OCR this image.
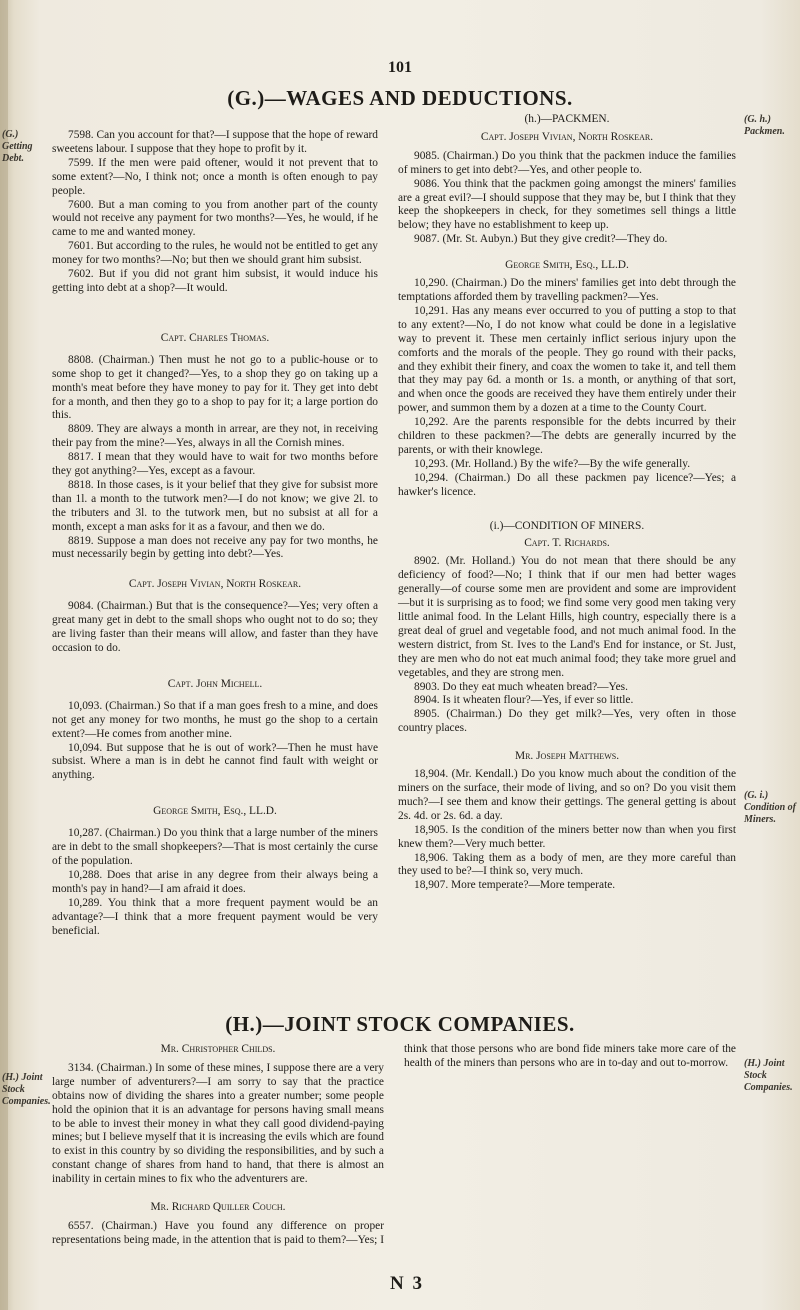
101
(G.)—WAGES AND DEDUCTIONS.
(G.) Getting Debt.

7598. Can you account for that?—I suppose that the hope of reward sweetens labour. I suppose that they hope to profit by it.

7599. If the men were paid oftener, would it not prevent that to some extent?—No, I think not; once a month is often enough to pay people.

7600. But a man coming to you from another part of the county would not receive any payment for two months?—Yes, he would, if he came to me and wanted money.

7601. But according to the rules, he would not be entitled to get any money for two months?—No; but then we should grant him subsist.

7602. But if you did not grant him subsist, it would induce his getting into debt at a shop?—It would.

Capt. Charles Thomas.

8808. (Chairman.) Then must he not go to a public-house or to some shop to get it changed?—Yes, to a shop they go on taking up a month's meat before they have money to pay for it. They get into debt for a month, and then they go to a shop to pay for it; a large portion do this.

8809. They are always a month in arrear, are they not, in receiving their pay from the mine?—Yes, always in all the Cornish mines.

8817. I mean that they would have to wait for two months before they got anything?—Yes, except as a favour.

8818. In those cases, is it your belief that they give for subsist more than 1l. a month to the tutwork men?—I do not know; we give 2l. to the tributers and 3l. to the tutwork men, but no subsist at all for a month, except a man asks for it as a favour, and then we do.

8819. Suppose a man does not receive any pay for two months, he must necessarily begin by getting into debt?—Yes.

Capt. Joseph Vivian, North Roskear.

9084. (Chairman.) But that is the consequence?—Yes; very often a great many get in debt to the small shops who ought not to do so; they are living faster than their means will allow, and faster than they have occasion to do.

Capt. John Michell.

10,093. (Chairman.) So that if a man goes fresh to a mine, and does not get any money for two months, he must go the shop to a certain extent?—He comes from another mine.

10,094. But suppose that he is out of work?—Then he must have subsist. Where a man is in debt he cannot find fault with weight or anything.

George Smith, Esq., LL.D.

10,287. (Chairman.) Do you think that a large number of the miners are in debt to the small shopkeepers?—That is most certainly the curse of the population.

10,288. Does that arise in any degree from their always being a month's pay in hand?—I am afraid it does.

10,289. You think that a more frequent payment would be an advantage?—I think that a more frequent payment would be very beneficial.

(G. h.) Packmen.
(h.)—PACKMEN.
Capt. Joseph Vivian, North Roskear.

9085. (Chairman.) Do you think that the packmen induce the families of miners to get into debt?—Yes, and other people to.

9086. You think that the packmen going amongst the miners' families are a great evil?—I should suppose that they may be, but I think that they keep the shopkeepers in check, for they sometimes sell things a little below; they have no establishment to keep up.

9087. (Mr. St. Aubyn.) But they give credit?—They do.

George Smith, Esq., LL.D.

10,290. (Chairman.) Do the miners' families get into debt through the temptations afforded them by travelling packmen?—Yes.

10,291. Has any means ever occurred to you of putting a stop to that to any extent?—No, I do not know what could be done in a legislative way to prevent it. These men certainly inflict serious injury upon the comforts and the morals of the people. They go round with their packs, and they exhibit their finery, and coax the women to take it, and tell them that they may pay 6d. a month or 1s. a month, or anything of that sort, and when once the goods are received they have them entirely under their power, and summon them by a dozen at a time to the County Court.

10,292. Are the parents responsible for the debts incurred by their children to these packmen?—The debts are generally incurred by the parents, or with their knowlege.

10,293. (Mr. Holland.) By the wife?—By the wife generally.

10,294. (Chairman.) Do all these packmen pay licence?—Yes; a hawker's licence.

(i.)—CONDITION OF MINERS.
Capt. T. Richards.

8902. (Mr. Holland.) You do not mean that there should be any deficiency of food?—No; I think that if our men had better wages generally—of course some men are provident and some are improvident—but it is surprising as to food; we find some very good men taking very little animal food. In the Lelant Hills, high country, especially there is a great deal of gruel and vegetable food, and not much animal food. In the western district, from St. Ives to the Land's End for instance, or St. Just, they are men who do not eat much animal food; they take more gruel and vegetables, and they are strong men.

8903. Do they eat much wheaten bread?—Yes.

8904. Is it wheaten flour?—Yes, if ever so little.

8905. (Chairman.) Do they get milk?—Yes, very often in those country places.

Mr. Joseph Matthews.

18,904. (Mr. Kendall.) Do you know much about the condition of the miners on the surface, their mode of living, and so on? Do you visit them much?—I see them and know their gettings. The general getting is about 2s. 4d. or 2s. 6d. a day.

18,905. Is the condition of the miners better now than when you first knew them?—Very much better.

18,906. Taking them as a body of men, are they more careful than they used to be?—I think so, very much.

18,907. More temperate?—More temperate.

(G. i.) Condition of Miners.
(H.)—JOINT STOCK COMPANIES.
(H.) Joint Stock Companies.
(H.) Joint Stock Companies.
Mr. Christopher Childs.

3134. (Chairman.) In some of these mines, I suppose there are a very large number of adventurers?—I am sorry to say that the practice obtains now of dividing the shares into a greater number; some people hold the opinion that it is an advantage for persons having small means to be able to invest their money in what they call good dividend-paying mines; but I believe myself that it is increasing the evils which are found to exist in this country by so dividing the responsibilities, and by such a constant change of shares from hand to hand, that there is almost an inability in certain mines to fix who the adventurers are.

Mr. Richard Quiller Couch.

6557. (Chairman.) Have you found any difference on proper representations being made, in the attention that is paid to them?—Yes; I think that those persons who are bond fide miners take more care of the health of the miners than persons who are in to-day and out to-morrow.

N 3
